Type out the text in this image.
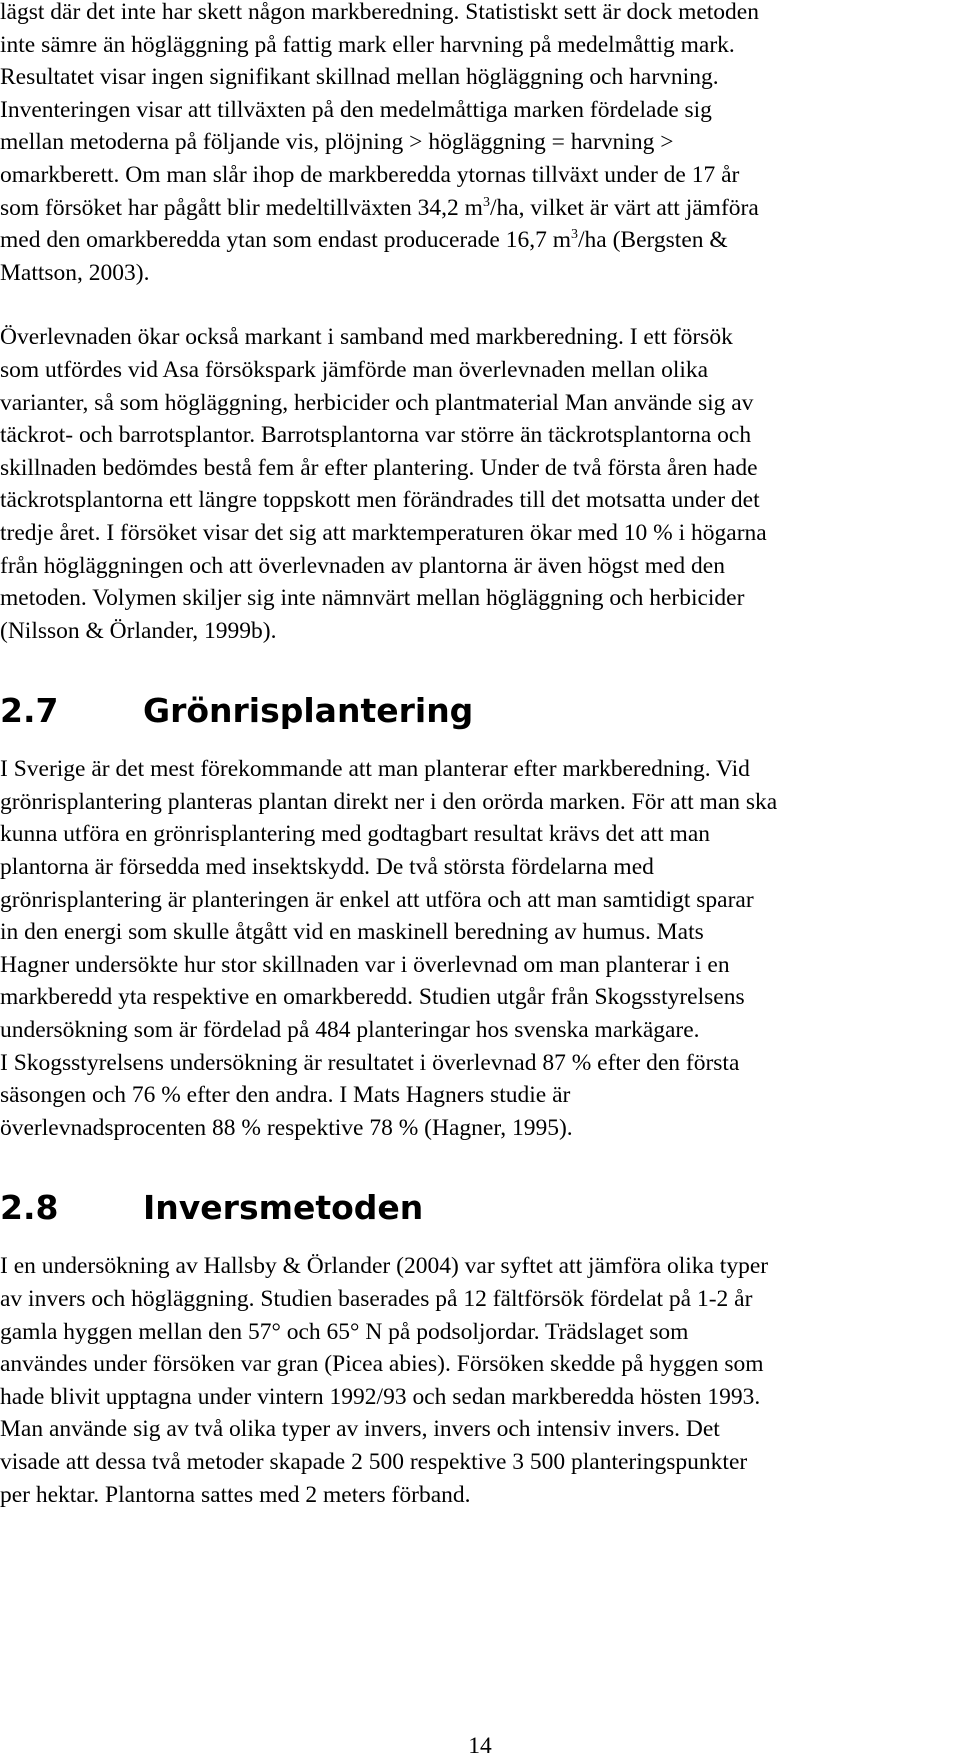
lägst där det inte har skett någon markberedning. Statistiskt sett är dock metoden
inte sämre än högläggning på fattig mark eller harvning på medelmåttig mark.
Resultatet visar ingen signifikant skillnad mellan högläggning och harvning.
Inventeringen visar att tillväxten på den medelmåttiga marken fördelade sig
mellan metoderna på följande vis, plöjning > högläggning = harvning >
omarkberett. Om man slår ihop de markberedda ytornas tillväxt under de 17 år
som försöket har pågått blir medeltillväxten 34,2 $m^3/ha$, vilket är värt att jämföra
med den omarkberedda ytan som endast producerade 16,7 $m^3/ha$ (Bergsten &
Mattson, 2003).

Överlevnaden ökar också markant i samband med markberedning. I ett försök
som utfördes vid Asa försökspark jämförde man överlevnaden mellan olika
varianter, så som högläggning, herbicider och plantmaterial Man använde sig av
täckrot- och barrotsplantor. Barrotsplantorna var större än täckrotsplantorna och
skillnaden bedömdes bestå fem år efter plantering. Under de två första åren hade
täckrotsplantorna ett längre toppskott men förändrades till det motsatta under det
tredje året. I försöket visar det sig att marktemperaturen ökar med 10 % i högarna
från högläggningen och att överlevnaden av plantorna är även högst med den
metoden. Volymen skiljer sig inte nämnvärt mellan högläggning och herbicider
(Nilsson & Örlander, 1999b).

2.7	Grönrisplantering

I Sverige är det mest förekommande att man planterar efter markberedning. Vid
grönrisplantering planteras plantan direkt ner i den orörda marken. För att man ska
kunna utföra en grönrisplantering med godtagbart resultat krävs det att man
plantorna är försedda med insektskydd. De två största fördelarna med
grönrisplantering är planteringen är enkel att utföra och att man samtidigt sparar
in den energi som skulle åtgått vid en maskinell beredning av humus. Mats
Hagner undersökte hur stor skillnaden var i överlevnad om man planterar i en
markberedd yta respektive en omarkberedd. Studien utgår från Skogsstyrelsens
undersökning som är fördelad på 484 planteringar hos svenska markägare.
I Skogsstyrelsens undersökning är resultatet i överlevnad 87 % efter den första
säsongen och 76 % efter den andra. I Mats Hagners studie är
överlevnadsprocenten 88 % respektive 78 % (Hagner, 1995).

2.8	Inversmetoden

I en undersökning av Hallsby & Örlander (2004) var syftet att jämföra olika typer
av invers och högläggning. Studien baserades på 12 fältförsök fördelat på 1-2 år
gamla hyggen mellan den 57° och 65° N på podsoljordar. Trädslaget som
användes under försöken var gran (Picea abies). Försöken skedde på hyggen som
hade blivit upptagna under vintern 1992/93 och sedan markberedda hösten 1993.
Man använde sig av två olika typer av invers, invers och intensiv invers. Det
visade att dessa två metoder skapade 2 500 respektive 3 500 planteringspunkter
per hektar. Plantorna sattes med 2 meters förband.

14
